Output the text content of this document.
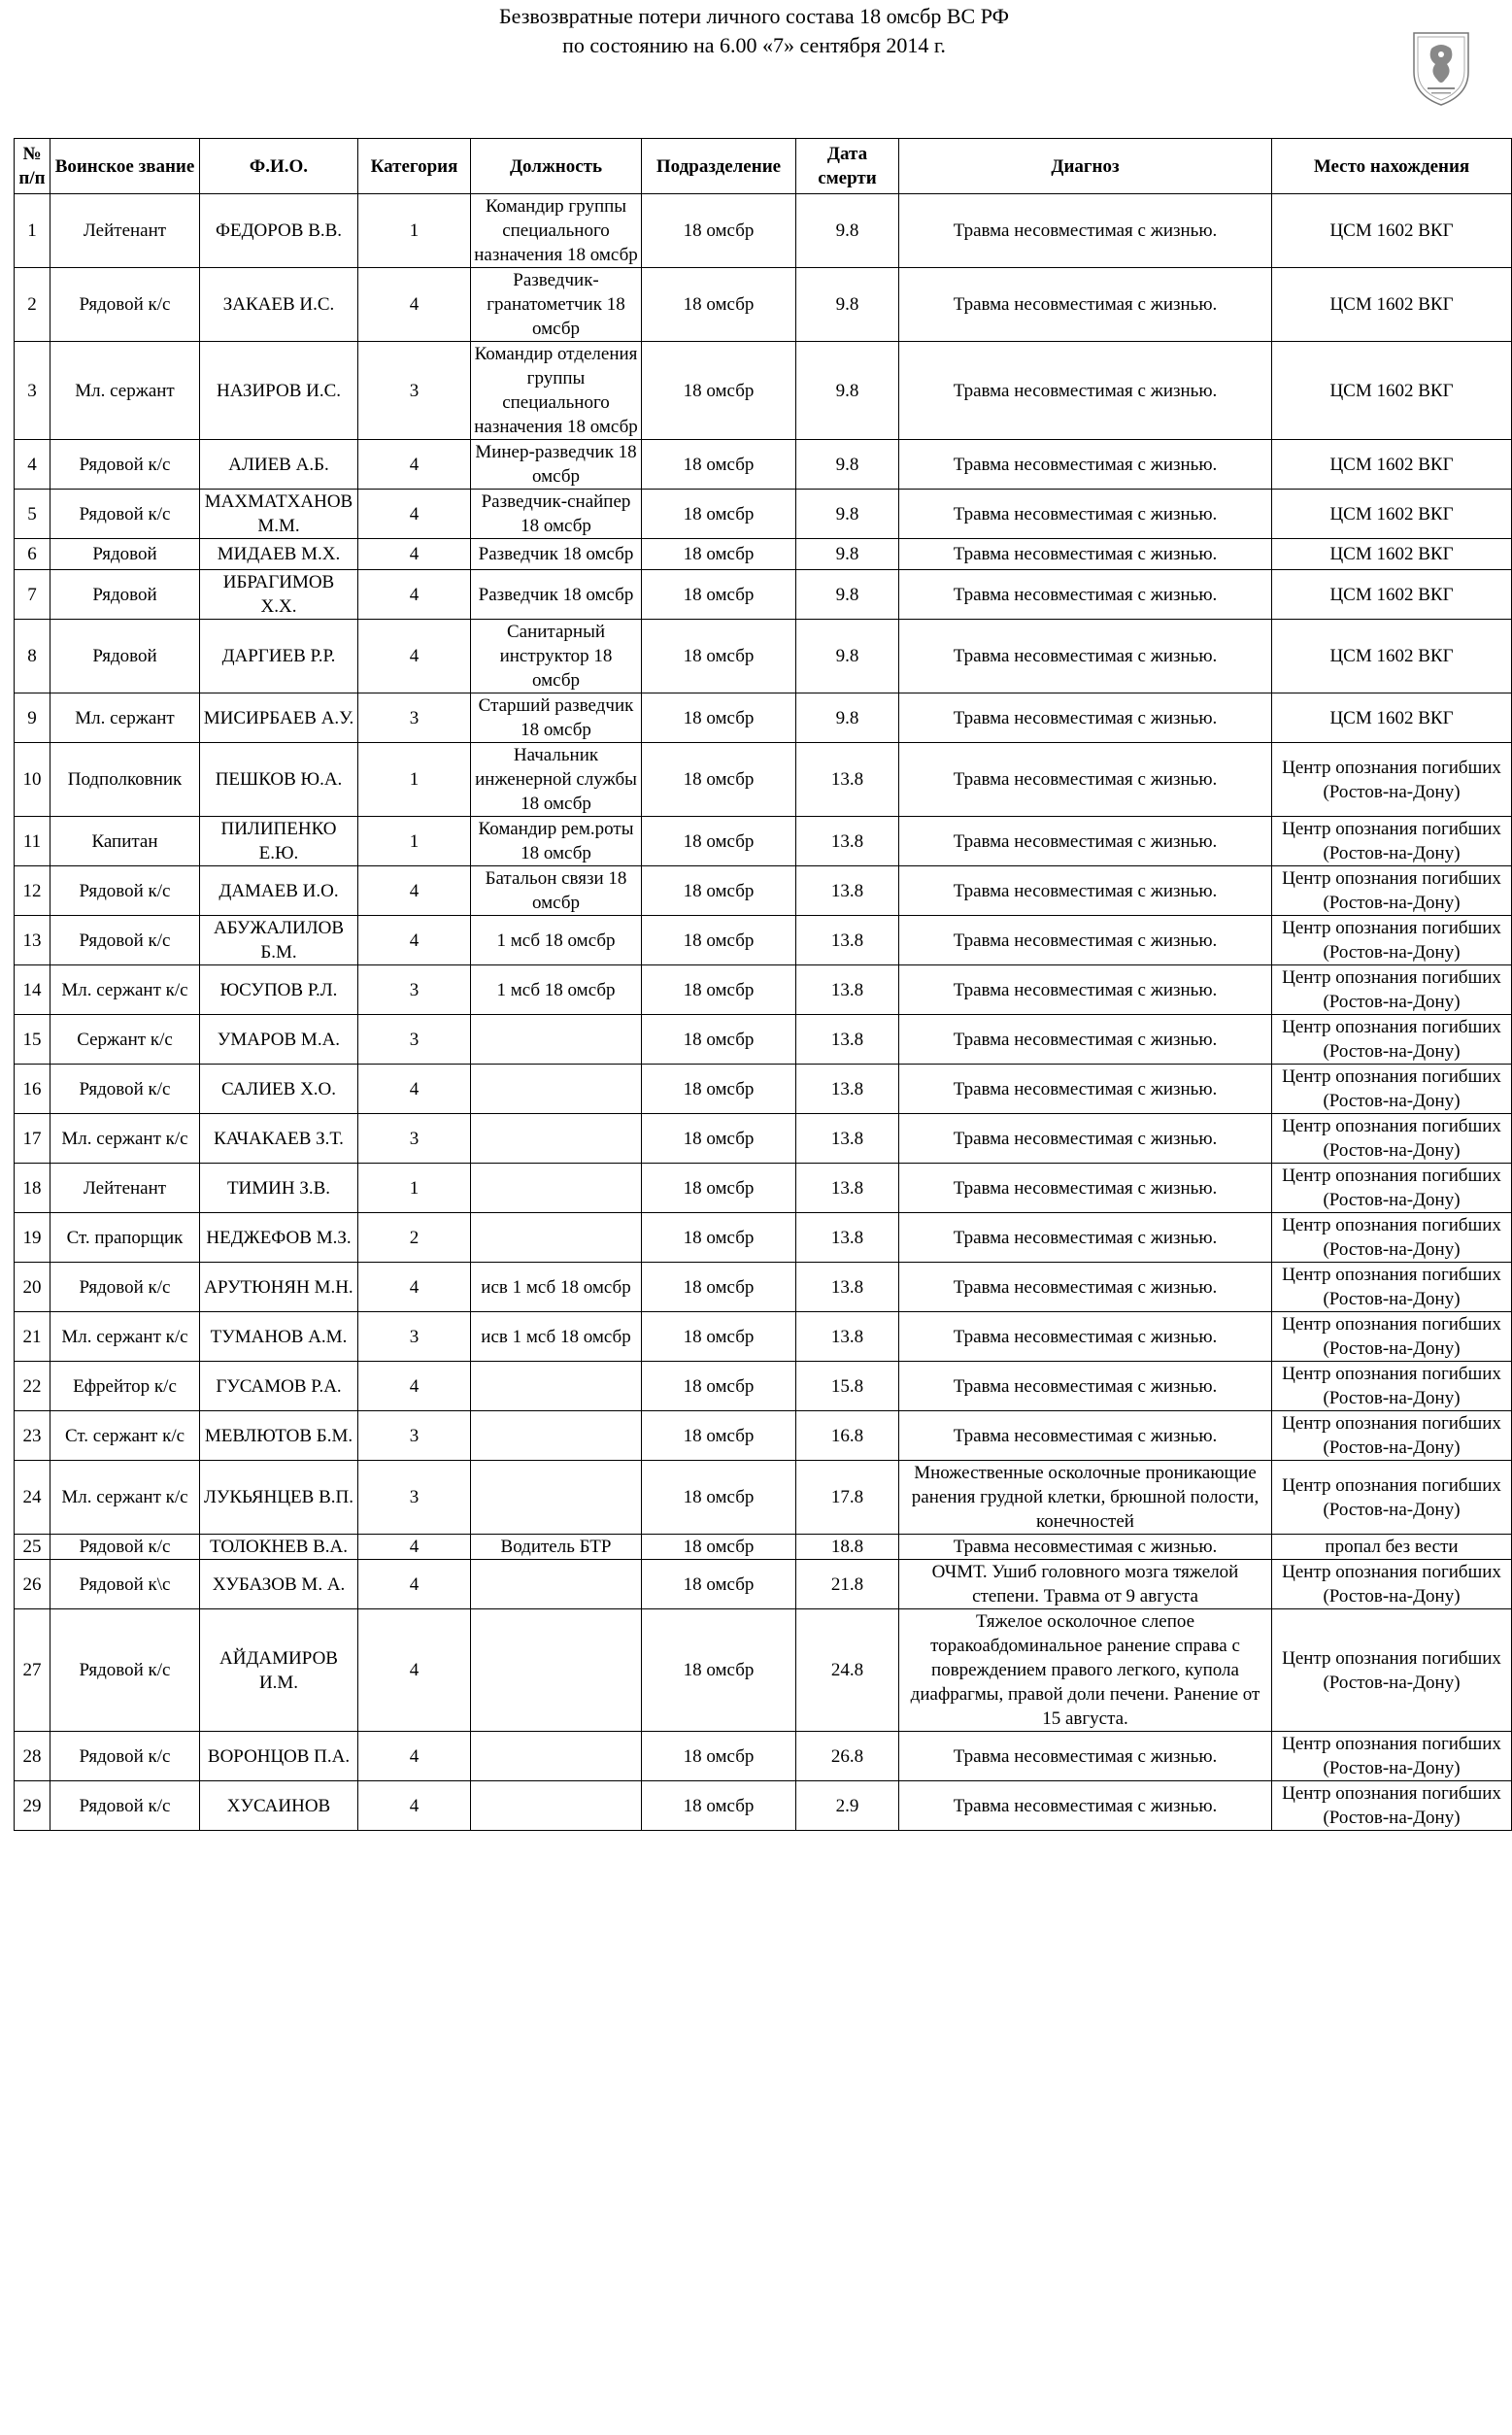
Безвозвратные потери личного состава 18 омсбр ВС РФ
по состоянию на 6.00 «7» сентября 2014 г.
№ п/п	Воинское звание	Ф.И.О.	Категория	Должность	Подразделение	Дата смерти	Диагноз	Место нахождения
1	Лейтенант	ФЕДОРОВ В.В.	1	Командир группы специального назначения 18 омсбр	18 омсбр	9.8	Травма несовместимая с жизнью.	ЦСМ 1602 ВКГ
2	Рядовой к/с	ЗАКАЕВ И.С.	4	Разведчик-гранатометчик 18 омсбр	18 омсбр	9.8	Травма несовместимая с жизнью.	ЦСМ 1602 ВКГ
3	Мл. сержант	НАЗИРОВ И.С.	3	Командир отделения группы специального назначения 18 омсбр	18 омсбр	9.8	Травма несовместимая с жизнью.	ЦСМ 1602 ВКГ
4	Рядовой к/с	АЛИЕВ А.Б.	4	Минер-разведчик 18 омсбр	18 омсбр	9.8	Травма несовместимая с жизнью.	ЦСМ 1602 ВКГ
5	Рядовой к/с	МАХМАТХАНОВ М.М.	4	Разведчик-снайпер 18 омсбр	18 омсбр	9.8	Травма несовместимая с жизнью.	ЦСМ 1602 ВКГ
6	Рядовой	МИДАЕВ М.Х.	4	Разведчик 18 омсбр	18 омсбр	9.8	Травма несовместимая с жизнью.	ЦСМ 1602 ВКГ
7	Рядовой	ИБРАГИМОВ Х.Х.	4	Разведчик 18 омсбр	18 омсбр	9.8	Травма несовместимая с жизнью.	ЦСМ 1602 ВКГ
8	Рядовой	ДАРГИЕВ Р.Р.	4	Санитарный инструктор 18 омсбр	18 омсбр	9.8	Травма несовместимая с жизнью.	ЦСМ 1602 ВКГ
9	Мл. сержант	МИСИРБАЕВ А.У.	3	Старший разведчик 18 омсбр	18 омсбр	9.8	Травма несовместимая с жизнью.	ЦСМ 1602 ВКГ
10	Подполковник	ПЕШКОВ Ю.А.	1	Начальник инженерной службы 18 омсбр	18 омсбр	13.8	Травма несовместимая с жизнью.	Центр опознания погибших (Ростов-на-Дону)
11	Капитан	ПИЛИПЕНКО Е.Ю.	1	Командир рем.роты 18 омсбр	18 омсбр	13.8	Травма несовместимая с жизнью.	Центр опознания погибших (Ростов-на-Дону)
12	Рядовой к/с	ДАМАЕВ И.О.	4	Батальон связи 18 омсбр	18 омсбр	13.8	Травма несовместимая с жизнью.	Центр опознания погибших (Ростов-на-Дону)
13	Рядовой к/с	АБУЖАЛИЛОВ Б.М.	4	1 мсб 18 омсбр	18 омсбр	13.8	Травма несовместимая с жизнью.	Центр опознания погибших (Ростов-на-Дону)
14	Мл. сержант к/с	ЮСУПОВ Р.Л.	3	1 мсб 18 омсбр	18 омсбр	13.8	Травма несовместимая с жизнью.	Центр опознания погибших (Ростов-на-Дону)
15	Сержант к/с	УМАРОВ М.А.	3		18 омсбр	13.8	Травма несовместимая с жизнью.	Центр опознания погибших (Ростов-на-Дону)
16	Рядовой к/с	САЛИЕВ Х.О.	4		18 омсбр	13.8	Травма несовместимая с жизнью.	Центр опознания погибших (Ростов-на-Дону)
17	Мл. сержант к/с	КАЧАКАЕВ З.Т.	3		18 омсбр	13.8	Травма несовместимая с жизнью.	Центр опознания погибших (Ростов-на-Дону)
18	Лейтенант	ТИМИН З.В.	1		18 омсбр	13.8	Травма несовместимая с жизнью.	Центр опознания погибших (Ростов-на-Дону)
19	Ст. прапорщик	НЕДЖЕФОВ М.З.	2		18 омсбр	13.8	Травма несовместимая с жизнью.	Центр опознания погибших (Ростов-на-Дону)
20	Рядовой к/с	АРУТЮНЯН М.Н.	4	исв 1 мсб 18 омсбр	18 омсбр	13.8	Травма несовместимая с жизнью.	Центр опознания погибших (Ростов-на-Дону)
21	Мл. сержант к/с	ТУМАНОВ А.М.	3	исв 1 мсб 18 омсбр	18 омсбр	13.8	Травма несовместимая с жизнью.	Центр опознания погибших (Ростов-на-Дону)
22	Ефрейтор к/с	ГУСАМОВ Р.А.	4		18 омсбр	15.8	Травма несовместимая с жизнью.	Центр опознания погибших (Ростов-на-Дону)
23	Ст. сержант к/с	МЕВЛЮТОВ Б.М.	3		18 омсбр	16.8	Травма несовместимая с жизнью.	Центр опознания погибших (Ростов-на-Дону)
24	Мл. сержант к/с	ЛУКЬЯНЦЕВ В.П.	3		18 омсбр	17.8	Множественные осколочные проникающие ранения грудной клетки, брюшной полости, конечностей	Центр опознания погибших (Ростов-на-Дону)
25	Рядовой к/с	ТОЛОКНЕВ В.А.	4	Водитель БТР	18 омсбр	18.8	Травма несовместимая с жизнью.	пропал без вести
26	Рядовой к\с	ХУБАЗОВ М. А.	4		18 омсбр	21.8	ОЧМТ. Ушиб головного мозга тяжелой степени. Травма от 9 августа	Центр опознания погибших (Ростов-на-Дону)
27	Рядовой к/с	АЙДАМИРОВ И.М.	4		18 омсбр	24.8	Тяжелое осколочное слепое торакоабдоминальное ранение справа с повреждением правого легкого, купола диафрагмы, правой доли печени. Ранение от 15 августа.	Центр опознания погибших (Ростов-на-Дону)
28	Рядовой к/с	ВОРОНЦОВ П.А.	4		18 омсбр	26.8	Травма несовместимая с жизнью.	Центр опознания погибших (Ростов-на-Дону)
29	Рядовой к/с	ХУСАИНОВ	4		18 омсбр	2.9	Травма несовместимая с жизнью.	Центр опознания погибших (Ростов-на-Дону)
